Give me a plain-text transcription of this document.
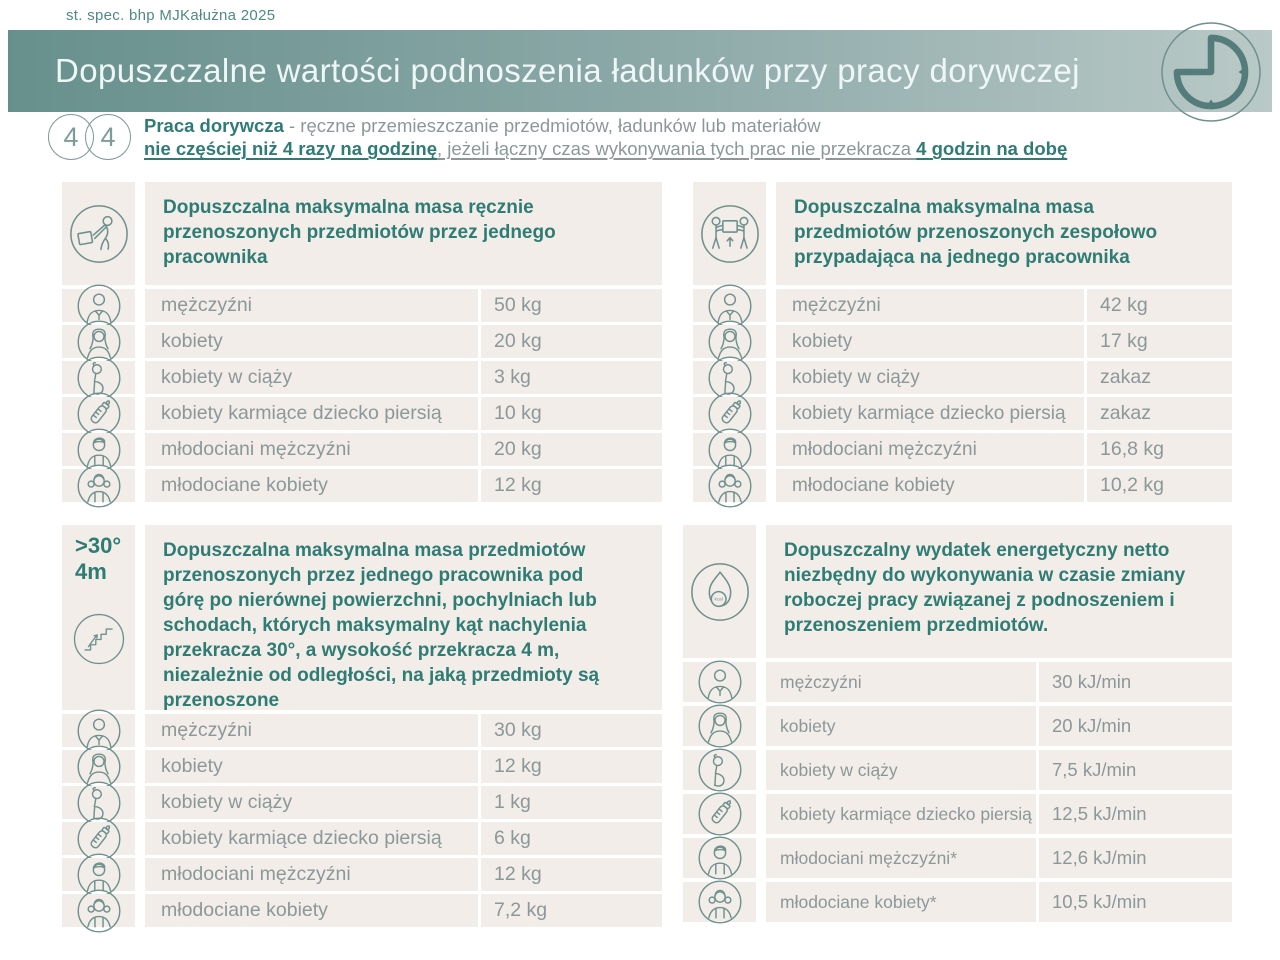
st. spec. bhp MJKałużna 2025
Dopuszczalne wartości podnoszenia ładunków przy pracy dorywczej
4 4	Praca dorywcza - ręczne przemieszczanie przedmiotów, ładunków lub materiałów
nie częściej niż 4 razy na godzinę, jeżeli łączny czas wykonywania tych prac nie przekracza 4 godzin na dobę
Dopuszczalna maksymalna masa ręcznie przenoszonych przedmiotów przez jednego pracownika
mężczyźni	50 kg
kobiety	20 kg
kobiety w ciąży	3 kg
kobiety karmiące dziecko piersią	10 kg
młodociani mężczyźni	20 kg
młodociane kobiety	12 kg
Dopuszczalna maksymalna masa przedmiotów przenoszonych zespołowo przypadająca na jednego pracownika
mężczyźni	42 kg
kobiety	17 kg
kobiety w ciąży	zakaz
kobiety karmiące dziecko piersią	zakaz
młodociani mężczyźni	16,8 kg
młodociane kobiety	10,2 kg
>30°
4m
Dopuszczalna maksymalna masa przedmiotów przenoszonych przez jednego pracownika pod górę po nierównej powierzchni, pochylniach lub schodach, których maksymalny kąt nachylenia przekracza 30°, a wysokość przekracza 4 m, niezależnie od odległości, na jaką przedmioty są przenoszone
mężczyźni	30 kg
kobiety	12 kg
kobiety w ciąży	1 kg
kobiety karmiące dziecko piersią	6 kg
młodociani mężczyźni	12 kg
młodociane kobiety	7,2 kg
Dopuszczalny wydatek energetyczny netto niezbędny do wykonywania w czasie zmiany roboczej pracy związanej z podnoszeniem i przenoszeniem przedmiotów.
mężczyźni	30 kJ/min
kobiety	20 kJ/min
kobiety w ciąży	7,5 kJ/min
kobiety karmiące dziecko piersią	12,5 kJ/min
młodociani mężczyźni*	12,6 kJ/min
młodociane kobiety*	10,5 kJ/min
